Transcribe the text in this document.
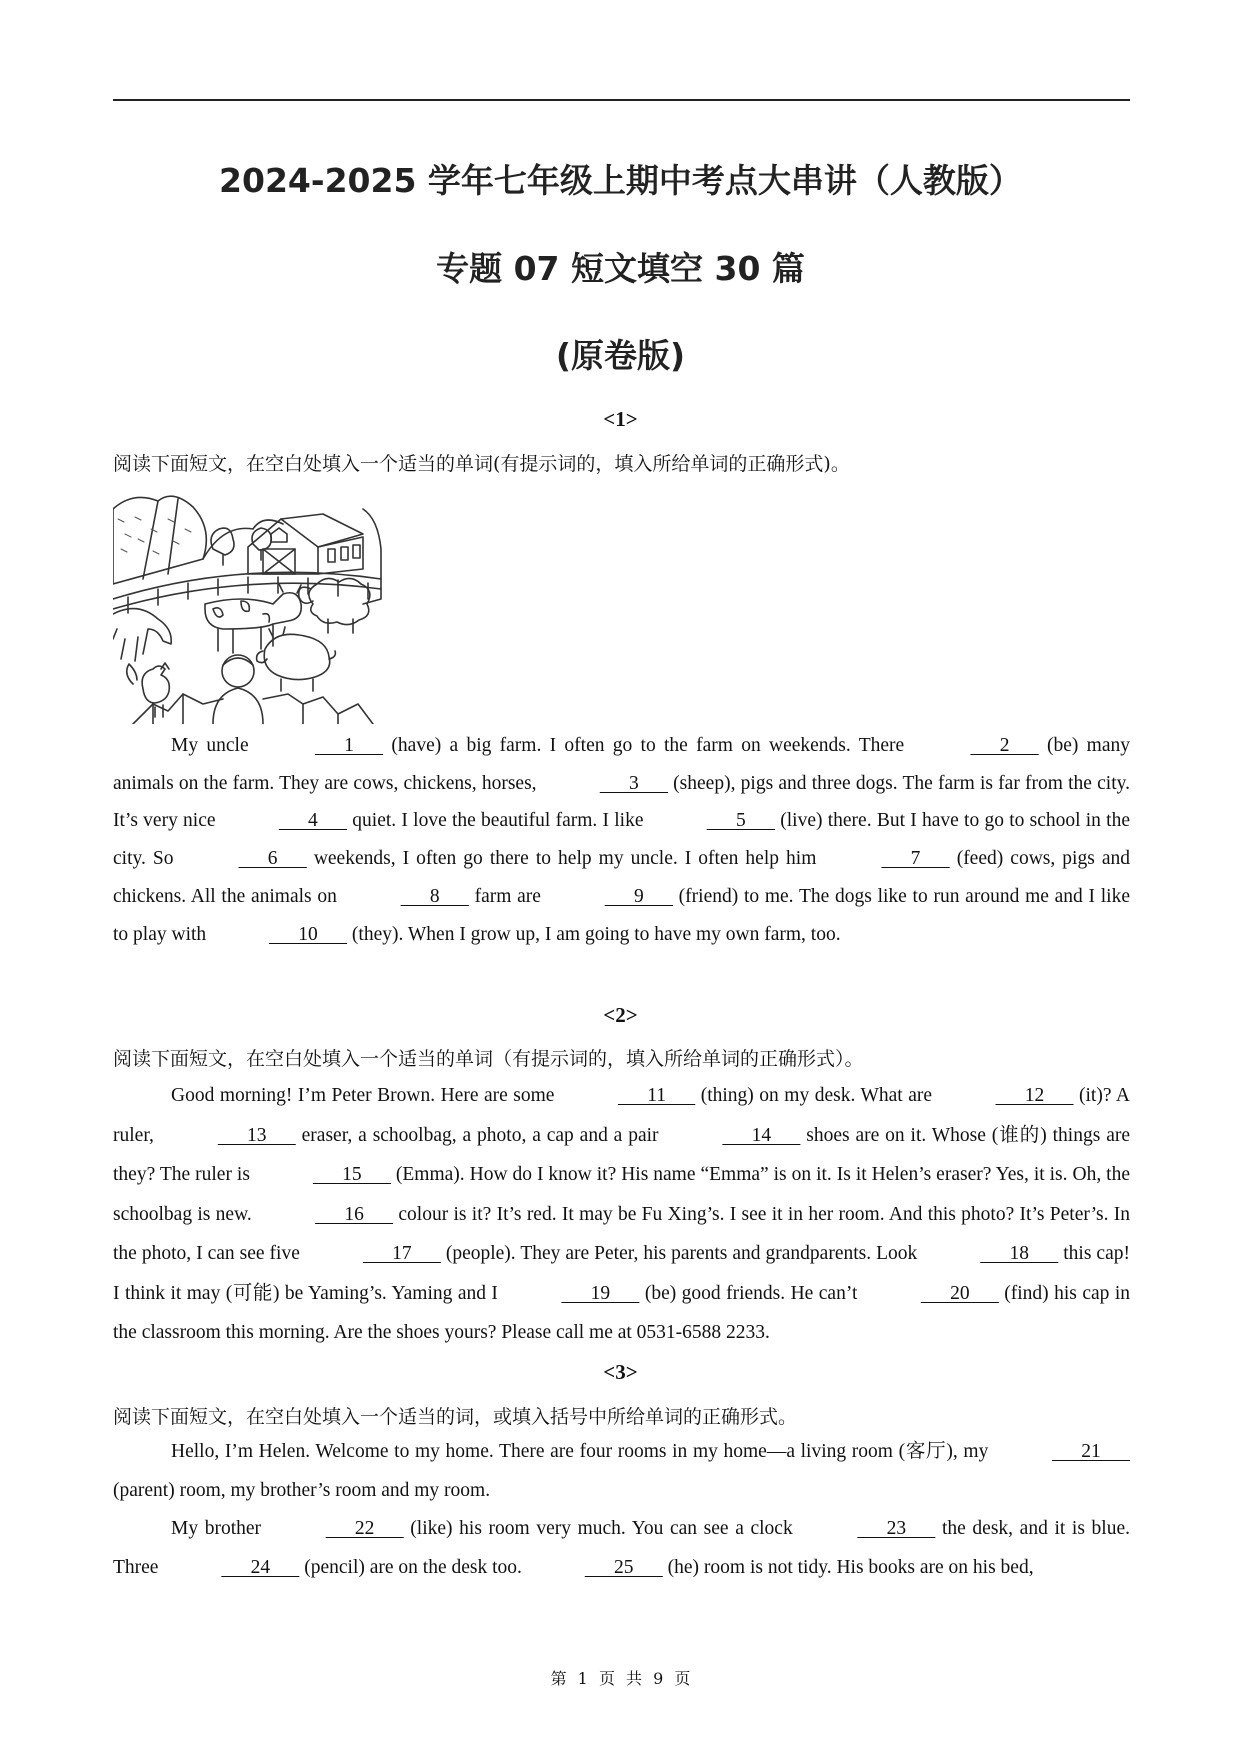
2024-2025 学年七年级上期中考点大串讲（人教版）
专题 07 短文填空 30 篇
(原卷版)
<1>
阅读下面短文，在空白处填入一个适当的单词(有提示词的，填入所给单词的正确形式)。

My uncle	  1   (have) a big farm. I often go to the farm on weekends. There	  2   (be) many animals on the farm. They are cows, chickens, horses,	  3   (sheep), pigs and three dogs. The farm is far from the city. It’s very nice	  4   quiet. I love the beautiful farm. I like	  5   (live) there. But I have to go to school in the city. So	  6   weekends, I often go there to help my uncle. I often help him	  7   (feed) cows, pigs and chickens. All the animals on	  8   farm are	  9   (friend) to me. The dogs like to run around me and I like to play with	  10   (they). When I grow up, I am going to have my own farm, too.

<2>
阅读下面短文，在空白处填入一个适当的单词（有提示词的，填入所给单词的正确形式）。

Good morning! I’m Peter Brown. Here are some	  11   (thing) on my desk. What are	  12   (it)? A ruler,	  13   eraser, a schoolbag, a photo, a cap and a pair	  14   shoes are on it. Whose (谁的) things are they? The ruler is	  15   (Emma). How do I know it? His name “Emma” is on it. Is it Helen’s eraser? Yes, it is. Oh, the schoolbag is new.	  16   colour is it? It’s red. It may be Fu Xing’s. I see it in her room. And this photo? It’s Peter’s. In the photo, I can see five	  17   (people). They are Peter, his parents and grandparents. Look	  18   this cap! I think it may (可能) be Yaming’s. Yaming and I	  19   (be) good friends. He can’t	  20   (find) his cap in the classroom this morning. Are the shoes yours? Please call me at 0531-6588 2233.

<3>
阅读下面短文，在空白处填入一个适当的词，或填入括号中所给单词的正确形式。

Hello, I’m Helen. Welcome to my home. There are four rooms in my home—a living room (客厅), my	  21   (parent) room, my brother’s room and my room.

My brother	  22   (like) his room very much. You can see a clock	  23   the desk, and it is blue. Three	  24   (pencil) are on the desk too.	  25   (he) room is not tidy. His books are on his bed,

第 1 页 共 9 页
